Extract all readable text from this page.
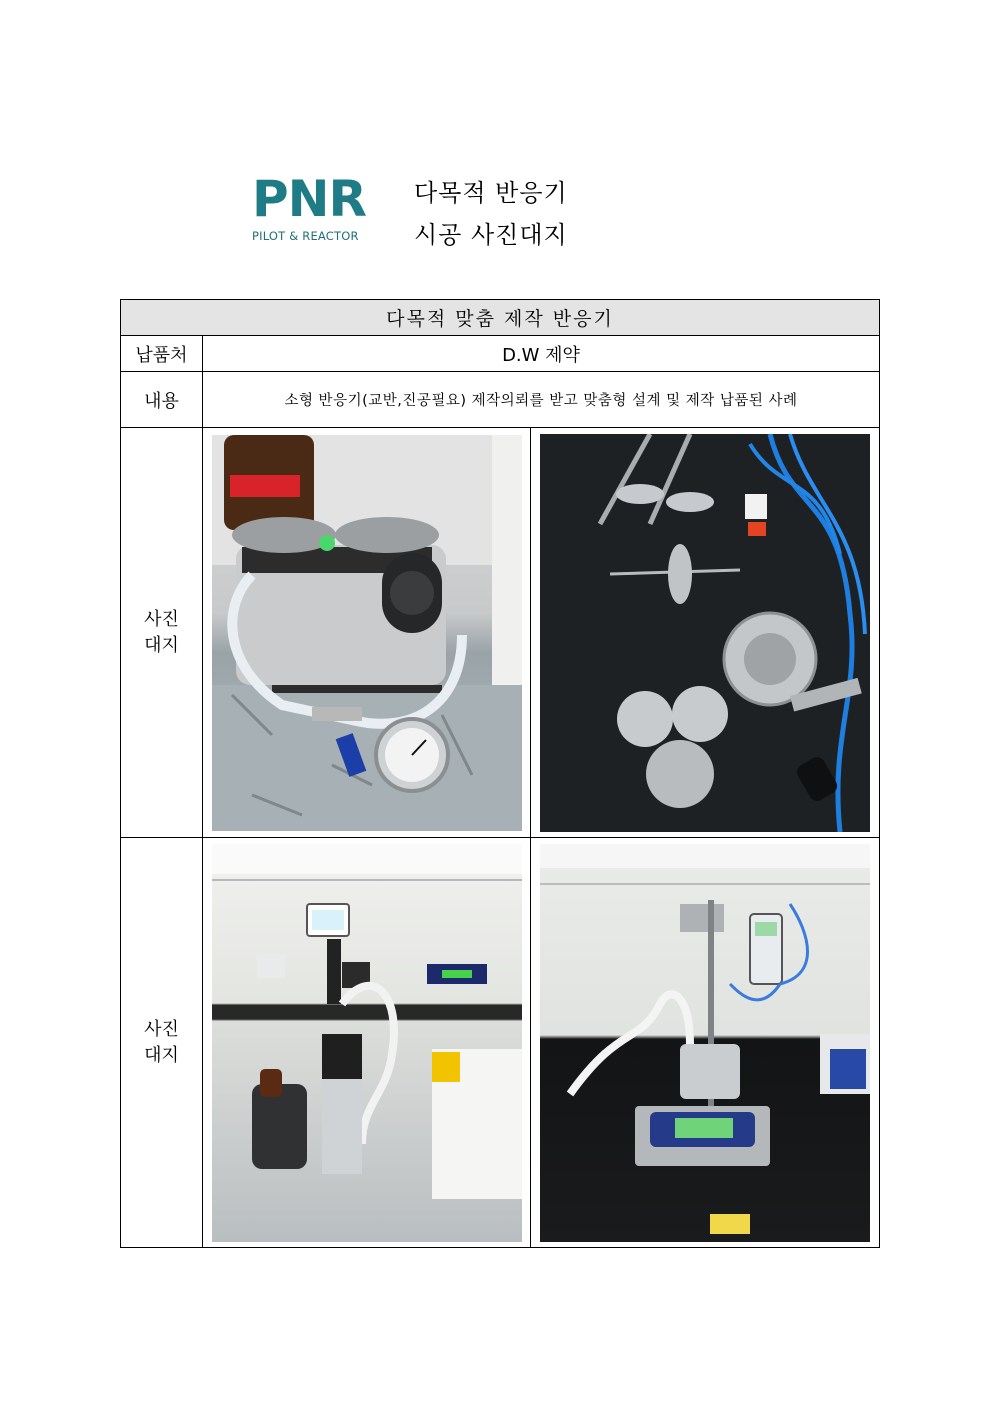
PNR
PILOT & REACTOR
다목적 반응기
시공 사진대지
다목적 맞춤 제작 반응기		
납품처	D.W 제약	
내용	소형 반응기(교반,진공필요) 제작의뢰를 받고 맞춤형 설계 및 제작 납품된 사례	

사진
대지

사진
대지
